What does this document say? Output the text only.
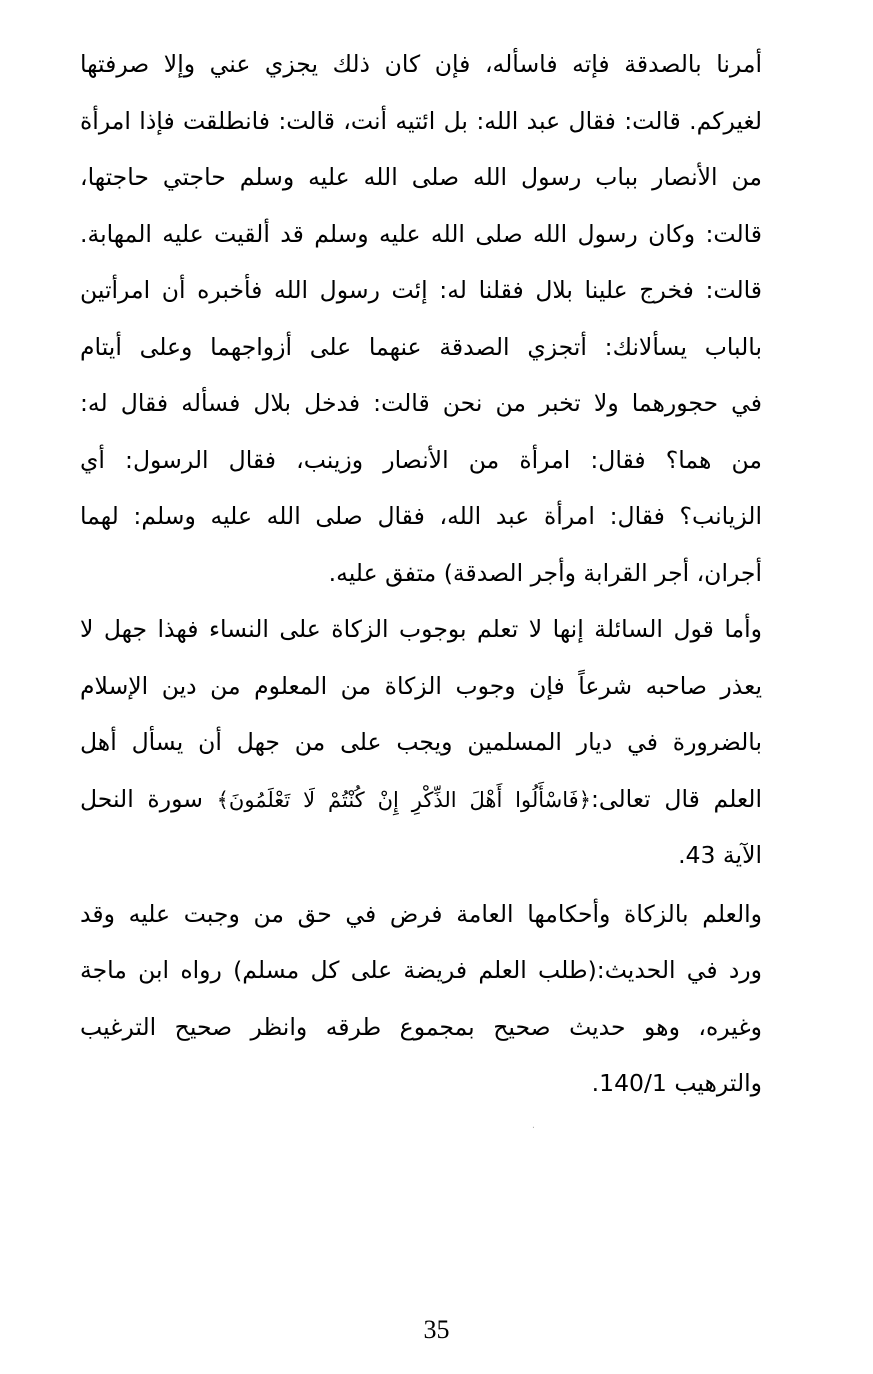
أمرنا بالصدقة فإته فاسأله، فإن كان ذلك يجزي عني وإلا صرفتها
لغيركم. قالت: فقال عبد الله: بل ائتيه أنت، قالت: فانطلقت فإذا امرأة
من الأنصار بباب رسول الله صلى الله عليه وسلم حاجتي حاجتها،
قالت: وكان رسول الله صلى الله عليه وسلم قد ألقيت عليه المهابة.
قالت: فخرج علينا بلال فقلنا له: إئت رسول الله فأخبره أن امرأتين
بالباب يسألانك: أتجزي الصدقة عنهما على أزواجهما وعلى أيتام
في حجورهما ولا تخبر من نحن قالت: فدخل بلال فسأله فقال له:
من هما؟ فقال: امرأة من الأنصار وزينب، فقال الرسول: أي
الزيانب؟ فقال: امرأة عبد الله، فقال صلى الله عليه وسلم: لهما
أجران، أجر القرابة وأجر الصدقة) متفق عليه.
وأما قول السائلة إنها لا تعلم بوجوب الزكاة على النساء فهذا جهل لا
يعذر صاحبه شرعاً فإن وجوب الزكاة من المعلوم من دين الإسلام
بالضرورة في ديار المسلمين ويجب على من جهل أن يسأل أهل
العلم قال تعالى:﴿فَاسْأَلُوا أَهْلَ الذِّكْرِ إِنْ كُنْتُمْ لَا تَعْلَمُونَ﴾ سورة النحل
الآية 43.
والعلم بالزكاة وأحكامها العامة فرض في حق من وجبت عليه وقد
ورد في الحديث:(طلب العلم فريضة على كل مسلم) رواه ابن ماجة
وغيره، وهو حديث صحيح بمجموع طرقه وانظر صحيح الترغيب
والترهيب 140/1.
·
35
